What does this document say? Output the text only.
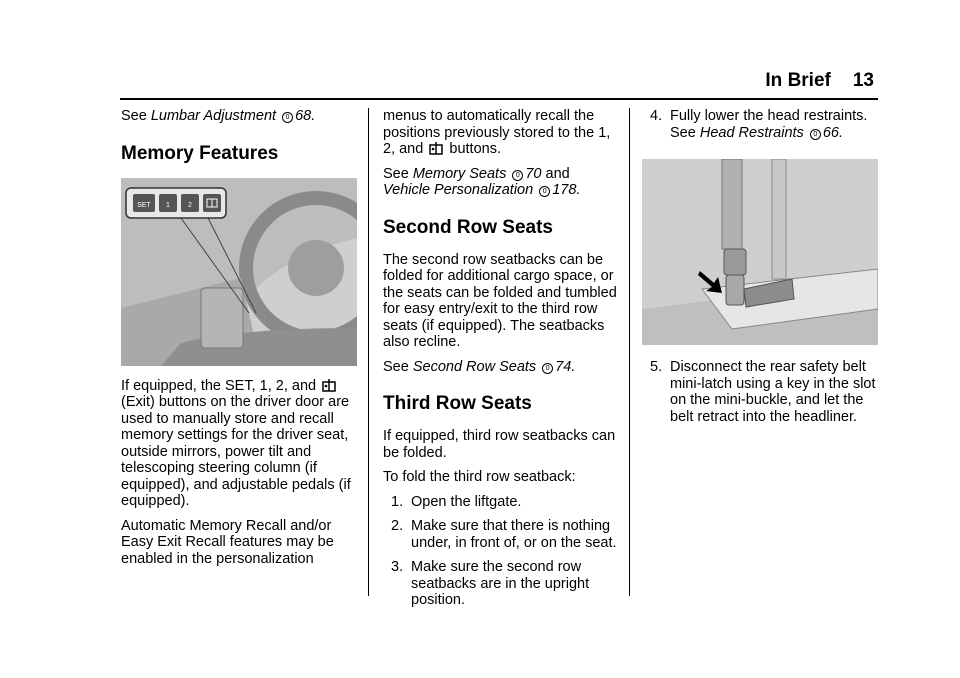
In Brief 13

See Lumbar Adjustment 0 68.

Memory Features
SET 1	2

If equipped, the SET, 1, 2, and
(Exit) buttons on the driver door are used to manually store and recall memory settings for the driver seat, outside mirrors, power tilt and telescoping steering column (if equipped), and adjustable pedals (if equipped).

Automatic Memory Recall and/or Easy Exit Recall features may be enabled in the personalization

menus to automatically recall the positions previously stored to the 1, 2, and buttons.

See Memory Seats 0 70 and
Vehicle Personalization 0 178.

Second Row Seats

The second row seatbacks can be folded for additional cargo space, or the seats can be folded and tumbled for easy entry/exit to the third row seats (if equipped). The seatbacks also recline.

See Second Row Seats 0 74.

Third Row Seats

If equipped, third row seatbacks can be folded.

To fold the third row seatback:

1. Open the liftgate.
2. Make sure that there is nothing under, in front of, or on the seat.
3. Make sure the second row seatbacks are in the upright position.
4. Fully lower the head restraints.
See Head Restraints 0 66.
5. Disconnect the rear safety belt mini-latch using a key in the slot on the mini-buckle, and let the belt retract into the headliner.
